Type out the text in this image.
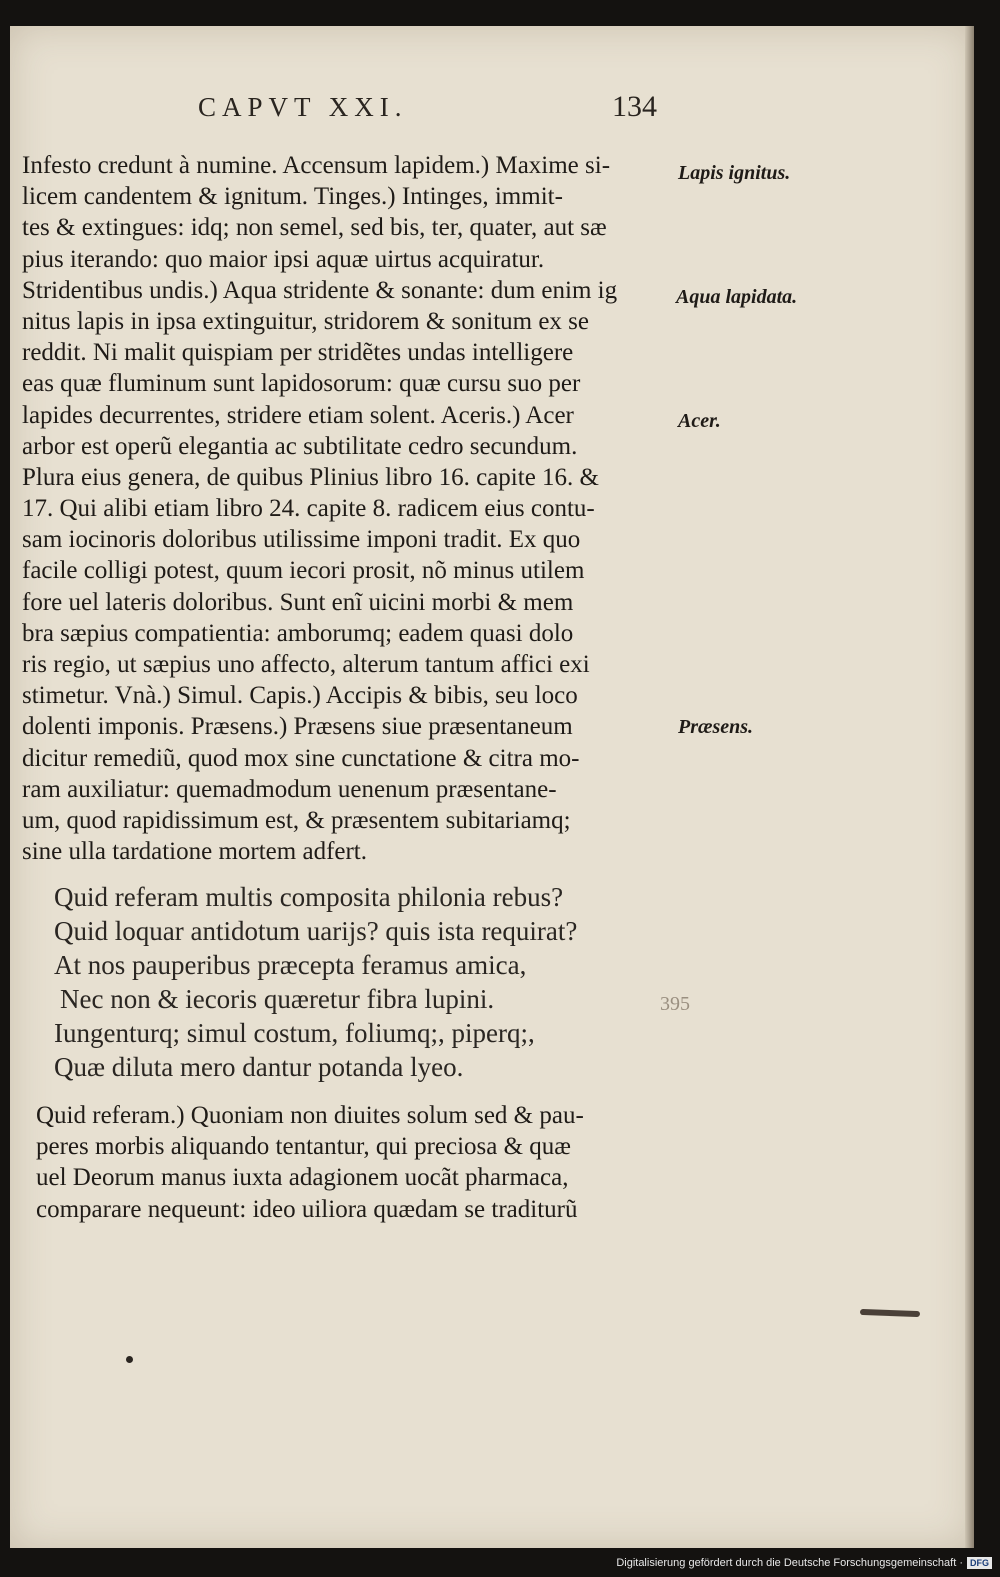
CAPVT XXI.	134
Infesto credunt à numine. Accensum lapidem.) Maxime si-
licem candentem & ignitum. Tinges.) Intinges, immit-
tes & extingues: idq; non semel, sed bis, ter, quater, aut sæ
pius iterando: quo maior ipsi aquæ uirtus acquiratur.
Stridentibus undis.) Aqua stridente & sonante: dum enim ig
nitus lapis in ipsa extinguitur, stridorem & sonitum ex se
reddit. Ni malit quispiam per stridẽtes undas intelligere
eas quæ fluminum sunt lapidosorum: quæ cursu suo per
lapides decurrentes, stridere etiam solent. Aceris.) Acer
arbor est operũ elegantia ac subtilitate cedro secundum.
Plura eius genera, de quibus Plinius libro 16. capite 16. &
17. Qui alibi etiam libro 24. capite 8. radicem eius contu-
sam iocinoris doloribus utilissime imponi tradit. Ex quo
facile colligi potest, quum iecori prosit, nõ minus utilem
fore uel lateris doloribus. Sunt enĩ uicini morbi & mem
bra sæpius compatientia: amborumq; eadem quasi dolo
ris regio, ut sæpius uno affecto, alterum tantum affici exi
stimetur. Vnà.) Simul. Capis.) Accipis & bibis, seu loco
dolenti imponis. Præsens.) Præsens siue præsentaneum
dicitur remediũ, quod mox sine cunctatione & citra mo-
ram auxiliatur: quemadmodum uenenum præsentane-
um, quod rapidissimum est, & præsentem subitariamq;
sine ulla tardatione mortem adfert.
Lapis ignitus.
Aqua lapidata.
Acer.
Præsens.
Quid referam multis composita philonia rebus?
Quid loquar antidotum uarijs? quis ista requirat?
At nos pauperibus præcepta feramus amica,
Nec non & iecoris quæretur fibra lupini.
Iungenturq; simul costum, foliumq;, piperq;,
Quæ diluta mero dantur potanda lyeo.
395
Quid referam.) Quoniam non diuites solum sed & pau-
peres morbis aliquando tentantur, qui preciosa & quæ
uel Deorum manus iuxta adagionem uocãt pharmaca,
comparare nequeunt: ideo uiliora quædam se traditurũ
Digitalisierung gefördert durch die Deutsche Forschungsgemeinschaft · DFG
